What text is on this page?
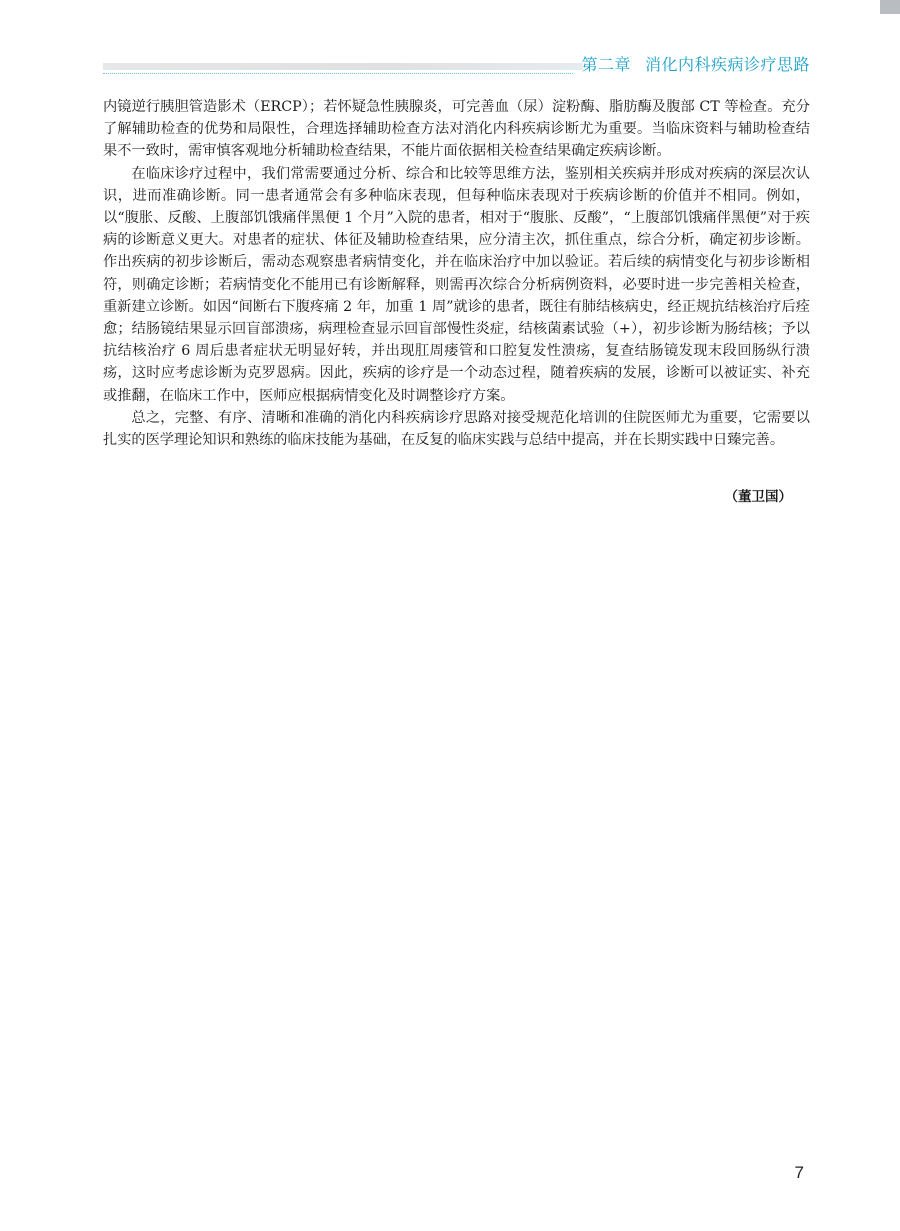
第二章 消化内科疾病诊疗思路

内镜逆行胰胆管造影术（ERCP）；若怀疑急性胰腺炎，可完善血（尿）淀粉酶、脂肪酶及腹部 CT 等检查。充分了解辅助检查的优势和局限性，合理选择辅助检查方法对消化内科疾病诊断尤为重要。当临床资料与辅助检查结果不一致时，需审慎客观地分析辅助检查结果，不能片面依据相关检查结果确定疾病诊断。

在临床诊疗过程中，我们常需要通过分析、综合和比较等思维方法，鉴别相关疾病并形成对疾病的深层次认识，进而准确诊断。同一患者通常会有多种临床表现，但每种临床表现对于疾病诊断的价值并不相同。例如，以“腹胀、反酸、上腹部饥饿痛伴黑便 1 个月”入院的患者，相对于“腹胀、反酸”，“上腹部饥饿痛伴黑便”对于疾病的诊断意义更大。对患者的症状、体征及辅助检查结果，应分清主次，抓住重点，综合分析，确定初步诊断。作出疾病的初步诊断后，需动态观察患者病情变化，并在临床治疗中加以验证。若后续的病情变化与初步诊断相符，则确定诊断；若病情变化不能用已有诊断解释，则需再次综合分析病例资料，必要时进一步完善相关检查，重新建立诊断。如因“间断右下腹疼痛 2 年，加重 1 周”就诊的患者，既往有肺结核病史，经正规抗结核治疗后痊愈；结肠镜结果显示回盲部溃疡，病理检查显示回盲部慢性炎症，结核菌素试验（+），初步诊断为肠结核；予以抗结核治疗 6 周后患者症状无明显好转，并出现肛周瘘管和口腔复发性溃疡，复查结肠镜发现末段回肠纵行溃疡，这时应考虑诊断为克罗恩病。因此，疾病的诊疗是一个动态过程，随着疾病的发展，诊断可以被证实、补充或推翻，在临床工作中，医师应根据病情变化及时调整诊疗方案。

总之，完整、有序、清晰和准确的消化内科疾病诊疗思路对接受规范化培训的住院医师尤为重要，它需要以扎实的医学理论知识和熟练的临床技能为基础，在反复的临床实践与总结中提高，并在长期实践中日臻完善。

（董卫国）
7
